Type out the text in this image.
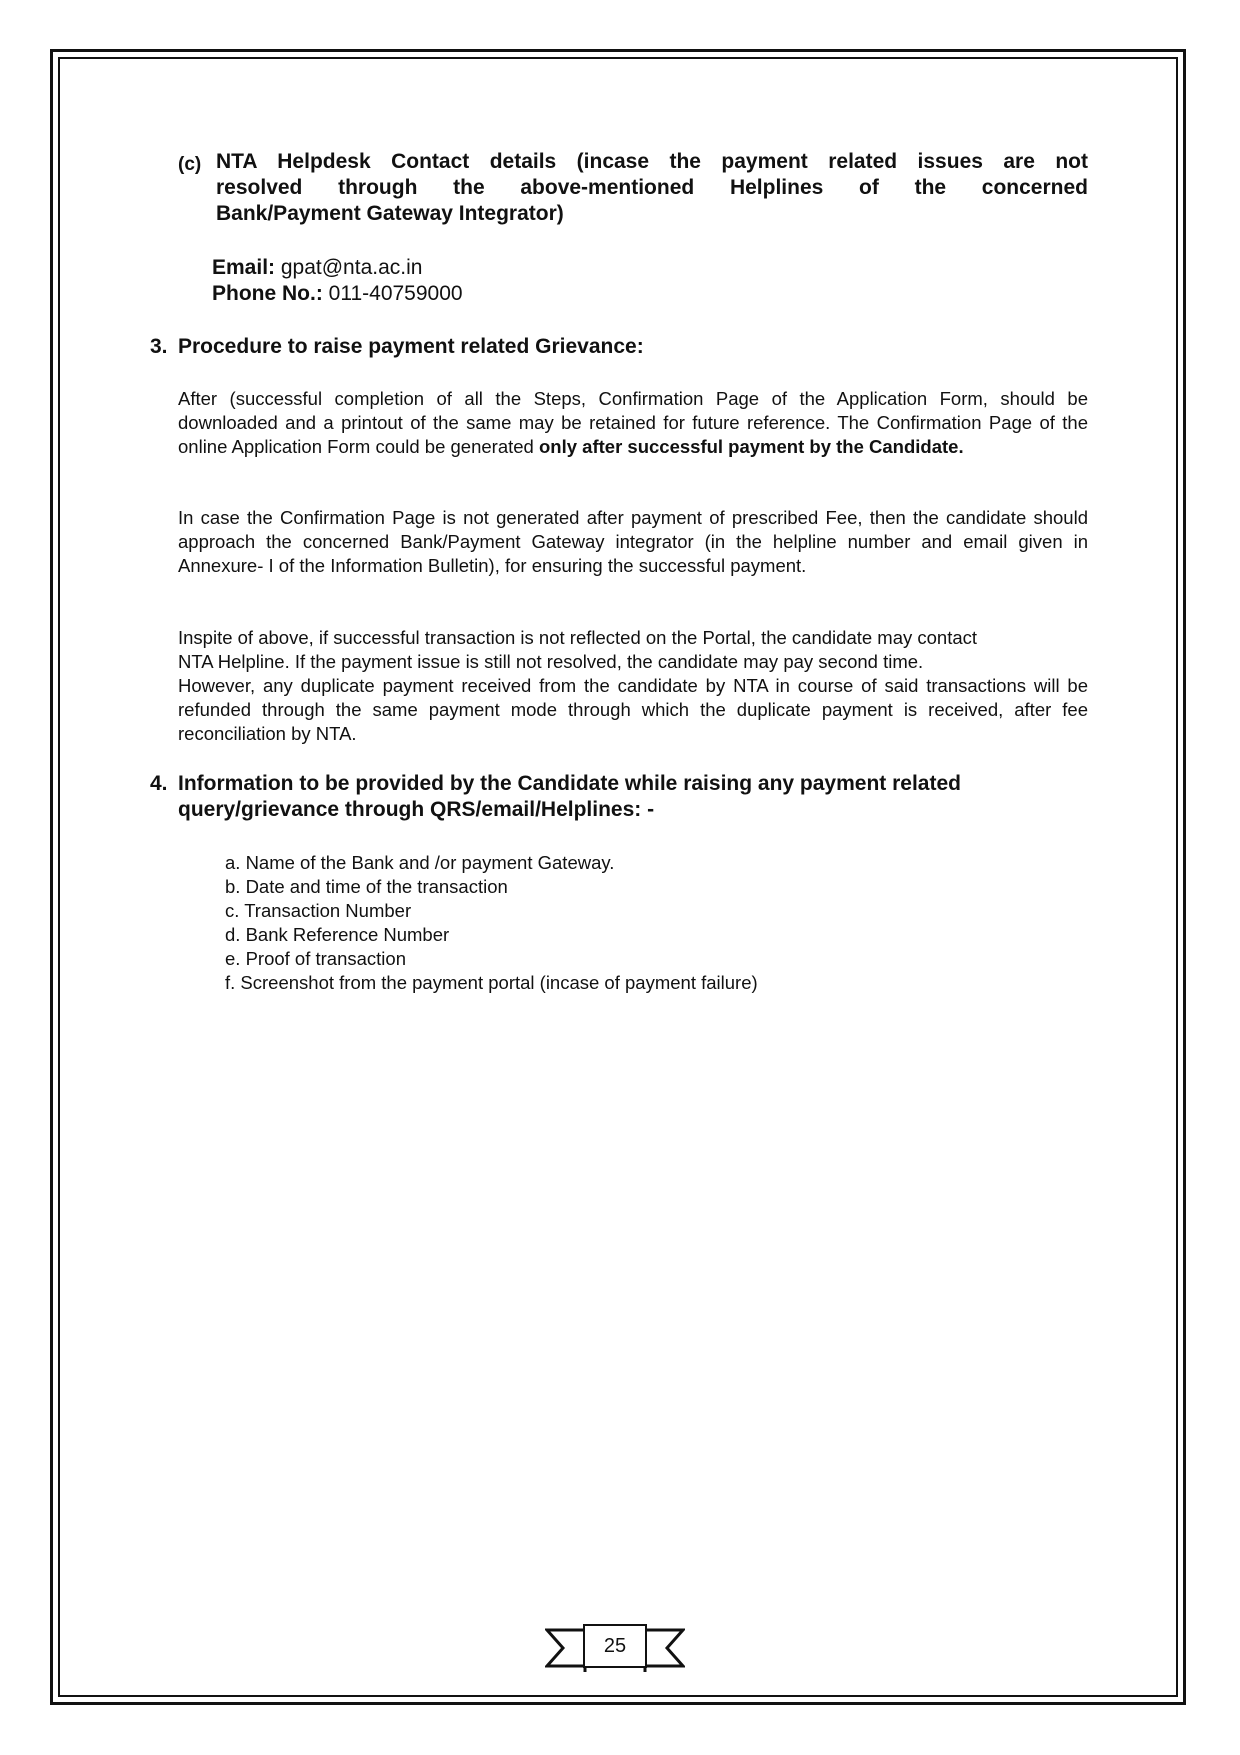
(c) NTA Helpdesk Contact details (incase the payment related issues are not
resolved through the above-mentioned Helplines of the concerned
Bank/Payment Gateway Integrator)
Email: gpat@nta.ac.in
Phone No.: 011-40759000
3. Procedure to raise payment related Grievance:
After (successful completion of all the Steps, Confirmation Page of the Application Form, should be downloaded and a printout of the same may be retained for future reference. The Confirmation Page of the online Application Form could be generated only after successful payment by the Candidate.
In case the Confirmation Page is not generated after payment of prescribed Fee, then the candidate should approach the concerned Bank/Payment Gateway integrator (in the helpline number and email given in Annexure- I of the Information Bulletin), for ensuring the successful payment.
Inspite of above, if successful transaction is not reflected on the Portal, the candidate may contact
NTA Helpline. If the payment issue is still not resolved, the candidate may pay second time.
However, any duplicate payment received from the candidate by NTA in course of said transactions will be refunded through the same payment mode through which the duplicate payment is received, after fee reconciliation by NTA.
4. Information to be provided by the Candidate while raising any payment related
query/grievance through QRS/email/Helplines: -
a. Name of the Bank and /or payment Gateway.
b. Date and time of the transaction
c. Transaction Number
d. Bank Reference Number
e. Proof of transaction
f. Screenshot from the payment portal (incase of payment failure)
25
